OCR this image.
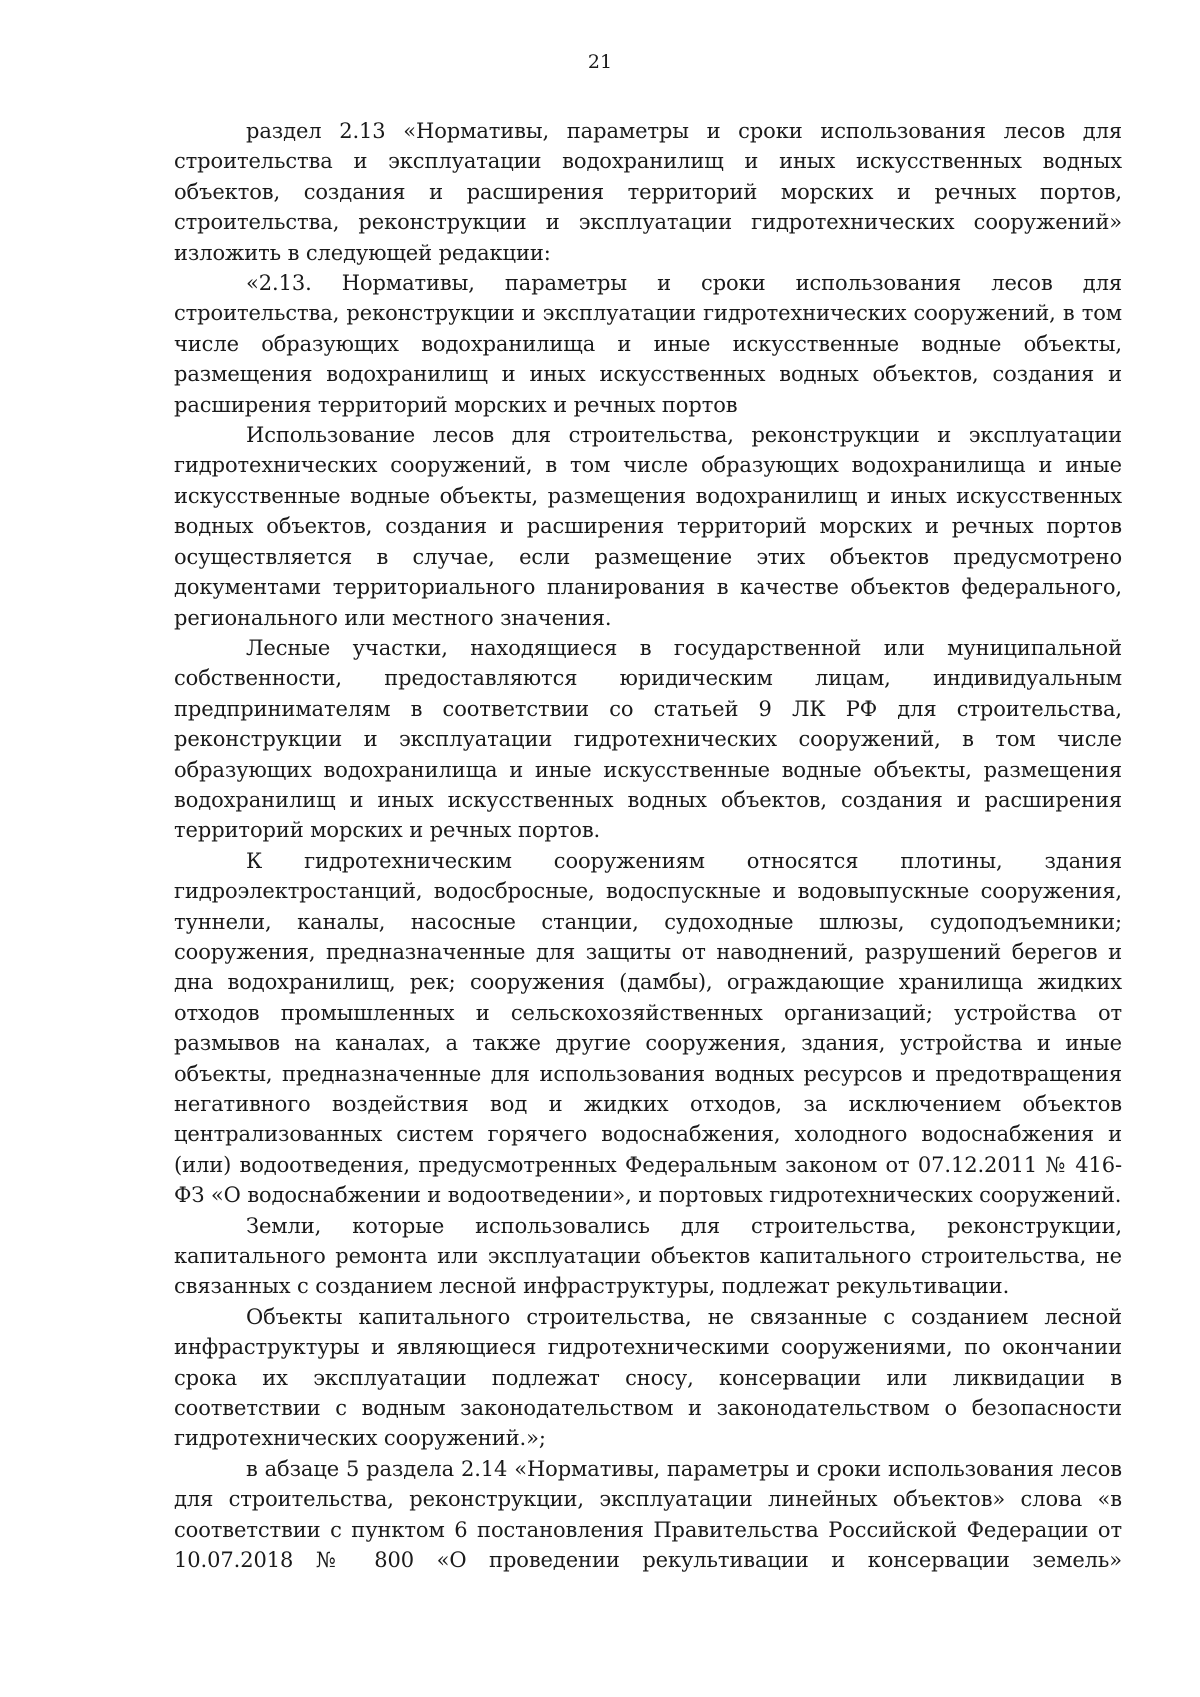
21

раздел 2.13 «Нормативы, параметры и сроки использования лесов для строительства и эксплуатации водохранилищ и иных искусственных водных объектов, создания и расширения территорий морских и речных портов, строительства, реконструкции и эксплуатации гидротехнических сооружений» изложить в следующей редакции:

«2.13. Нормативы, параметры и сроки использования лесов для строительства, реконструкции и эксплуатации гидротехнических сооружений, в том числе образующих водохранилища и иные искусственные водные объекты, размещения водохранилищ и иных искусственных водных объектов, создания и расширения территорий морских и речных портов

Использование лесов для строительства, реконструкции и эксплуатации гидротехнических сооружений, в том числе образующих водохранилища и иные искусственные водные объекты, размещения водохранилищ и иных искусственных водных объектов, создания и расширения территорий морских и речных портов осуществляется в случае, если размещение этих объектов предусмотрено документами территориального планирования в качестве объектов федерального, регионального или местного значения.

Лесные участки, находящиеся в государственной или муниципальной собственности, предоставляются юридическим лицам, индивидуальным предпринимателям в соответствии со статьей 9 ЛК РФ для строительства, реконструкции и эксплуатации гидротехнических сооружений, в том числе образующих водохранилища и иные искусственные водные объекты, размещения водохранилищ и иных искусственных водных объектов, создания и расширения территорий морских и речных портов.

К гидротехническим сооружениям относятся плотины, здания гидроэлектростанций, водосбросные, водоспускные и водовыпускные сооружения, туннели, каналы, насосные станции, судоходные шлюзы, судоподъемники; сооружения, предназначенные для защиты от наводнений, разрушений берегов и дна водохранилищ, рек; сооружения (дамбы), ограждающие хранилища жидких отходов промышленных и сельскохозяйственных организаций; устройства от размывов на каналах, а также другие сооружения, здания, устройства и иные объекты, предназначенные для использования водных ресурсов и предотвращения негативного воздействия вод и жидких отходов, за исключением объектов централизованных систем горячего водоснабжения, холодного водоснабжения и (или) водоотведения, предусмотренных Федеральным законом от 07.12.2011 № 416-ФЗ «О водоснабжении и водоотведении», и портовых гидротехнических сооружений.

Земли, которые использовались для строительства, реконструкции, капитального ремонта или эксплуатации объектов капитального строительства, не связанных с созданием лесной инфраструктуры, подлежат рекультивации.

Объекты капитального строительства, не связанные с созданием лесной инфраструктуры и являющиеся гидротехническими сооружениями, по окончании срока их эксплуатации подлежат сносу, консервации или ликвидации в соответствии с водным законодательством и законодательством о безопасности гидротехнических сооружений.»;

в абзаце 5 раздела 2.14 «Нормативы, параметры и сроки использования лесов для строительства, реконструкции, эксплуатации линейных объектов» слова «в соответствии с пунктом 6 постановления Правительства Российской Федерации от 10.07.2018 № 800 «О проведении рекультивации и консервации земель»
